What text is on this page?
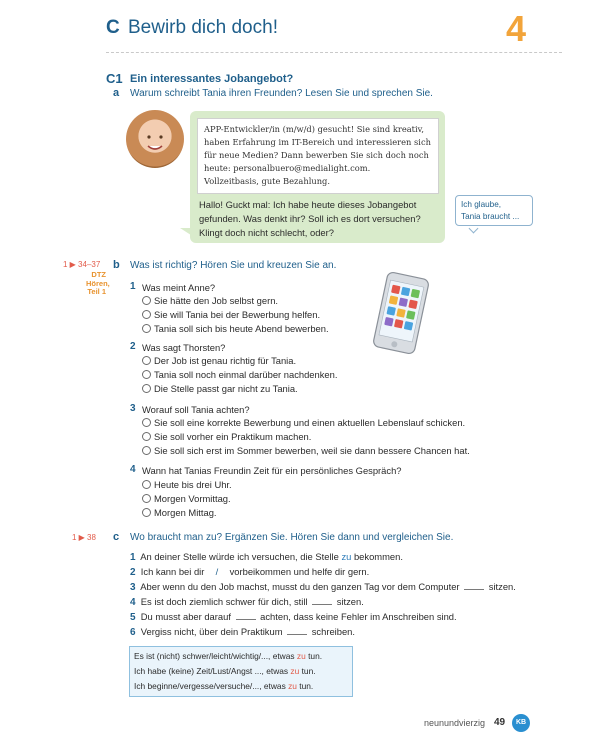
C Bewirb dich doch!	4
C1 Ein interessantes Jobangebot?
a Warum schreibt Tania ihren Freunden? Lesen Sie und sprechen Sie.
APP-Entwickler/in (m/w/d) gesucht! Sie sind kreativ,
haben Erfahrung im IT-Bereich und interessieren sich
für neue Medien? Dann bewerben Sie sich doch noch
heute: personalbuero@medialight.com.
Vollzeitbasis, gute Bezahlung.
Hallo! Guckt mal: Ich habe heute dieses Jobangebot
gefunden. Was denkt ihr? Soll ich es dort versuchen?
Klingt doch nicht schlecht, oder?
Ich glaube,
Tania braucht ...
1 ▶ 34–37
DTZ
Hören,
Teil 1
b Was ist richtig? Hören Sie und kreuzen Sie an.
1 Was meint Anne?
Sie hätte den Job selbst gern.
Sie will Tania bei der Bewerbung helfen.
Tania soll sich bis heute Abend bewerben.
2 Was sagt Thorsten?
Der Job ist genau richtig für Tania.
Tania soll noch einmal darüber nachdenken.
Die Stelle passt gar nicht zu Tania.
3 Worauf soll Tania achten?
Sie soll eine korrekte Bewerbung und einen aktuellen Lebenslauf schicken.
Sie soll vorher ein Praktikum machen.
Sie soll sich erst im Sommer bewerben, weil sie dann bessere Chancen hat.
4 Wann hat Tanias Freundin Zeit für ein persönliches Gespräch?
Heute bis drei Uhr.
Morgen Vormittag.
Morgen Mittag.
1 ▶ 38 c Wo braucht man zu? Ergänzen Sie. Hören Sie dann und vergleichen Sie.
1 An deiner Stelle würde ich versuchen, die Stelle zu bekommen.
2 Ich kann bei dir / vorbeikommen und helfe dir gern.
3 Aber wenn du den Job machst, musst du den ganzen Tag vor dem Computer	sitzen.
4 Es ist doch ziemlich schwer für dich, still	sitzen.
5 Du musst aber darauf	achten, dass keine Fehler im Anschreiben sind.
6 Vergiss nicht, über dein Praktikum	schreiben.
Es ist (nicht) schwer/leicht/wichtig/..., etwas zu tun.
Ich habe (keine) Zeit/Lust/Angst ..., etwas zu tun.
Ich beginne/vergesse/versuche/..., etwas zu tun.
neunundvierzig 49	KB
